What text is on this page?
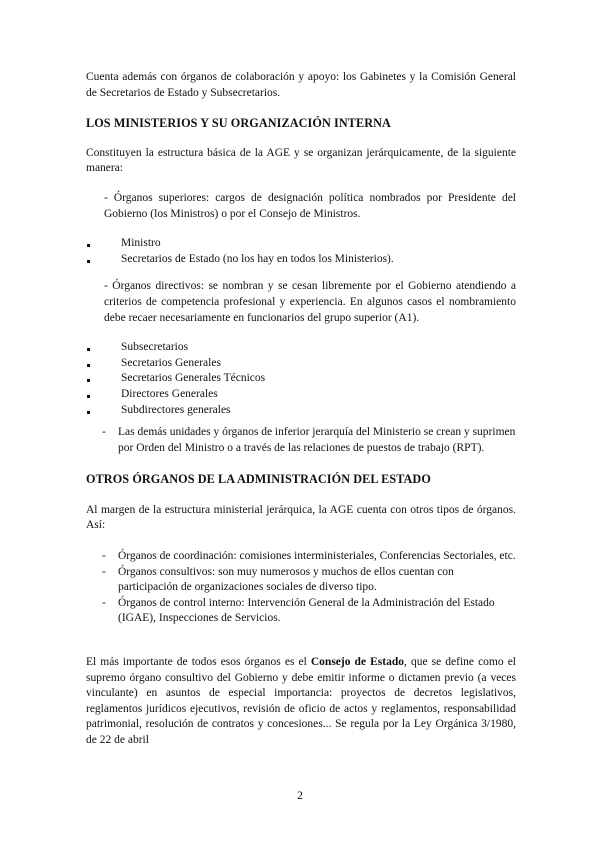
Cuenta además con órganos de colaboración y apoyo: los Gabinetes y la Comisión General de Secretarios de Estado y Subsecretarios.

LOS MINISTERIOS Y SU ORGANIZACIÓN INTERNA

Constituyen la estructura básica de la AGE y se organizan jerárquicamente, de la siguiente manera:

- Órganos superiores: cargos de designación política nombrados por Presidente del Gobierno (los Ministros) o por el Consejo de Ministros.

Ministro
Secretarios de Estado (no los hay en todos los Ministerios).

- Órganos directivos: se nombran y se cesan libremente por el Gobierno atendiendo a criterios de competencia profesional y experiencia. En algunos casos el nombramiento debe recaer necesariamente en funcionarios del grupo superior (A1).

Subsecretarios
Secretarios Generales
Secretarios Generales Técnicos
Directores Generales
Subdirectores generales
- Las demás unidades y órganos de inferior jerarquía del Ministerio se crean y suprimen por Orden del Ministro o a través de las relaciones de puestos de trabajo (RPT).
OTROS ÓRGANOS DE LA ADMINISTRACIÓN DEL ESTADO

Al margen de la estructura ministerial jerárquica, la AGE cuenta con otros tipos de órganos. Así:

- Órganos de coordinación: comisiones interministeriales, Conferencias Sectoriales, etc.
- Órganos consultivos: son muy numerosos y muchos de ellos cuentan con participación de organizaciones sociales de diverso tipo.
- Órganos de control interno: Intervención General de la Administración del Estado (IGAE), Inspecciones de Servicios.

El más importante de todos esos órganos es el Consejo de Estado, que se define como el supremo órgano consultivo del Gobierno y debe emitir informe o dictamen previo (a veces vinculante) en asuntos de especial importancia: proyectos de decretos legislativos, reglamentos jurídicos ejecutivos, revisión de oficio de actos y reglamentos, responsabilidad patrimonial, resolución de contratos y concesiones... Se regula por la Ley Orgánica 3/1980, de 22 de abril

2
